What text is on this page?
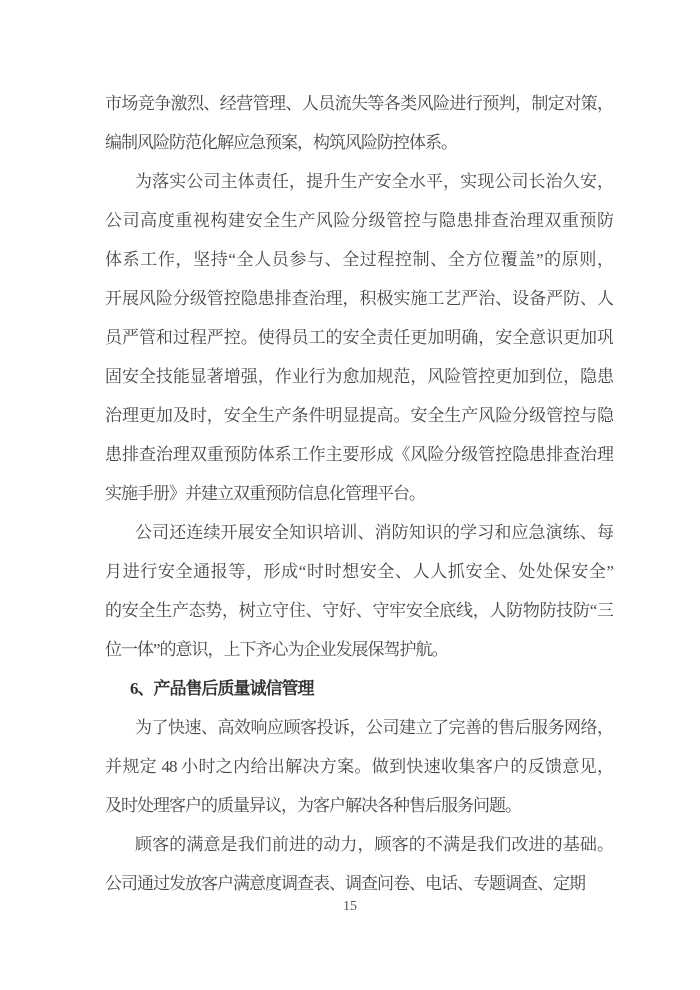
市场竞争激烈、经营管理、人员流失等各类风险进行预判，制定对策，
编制风险防范化解应急预案，构筑风险防控体系。
为落实公司主体责任，提升生产安全水平，实现公司长治久安，
公司高度重视构建安全生产风险分级管控与隐患排查治理双重预防
体系工作，坚持“全人员参与、全过程控制、全方位覆盖”的原则，
开展风险分级管控隐患排查治理，积极实施工艺严治、设备严防、人
员严管和过程严控。使得员工的安全责任更加明确，安全意识更加巩
固安全技能显著增强，作业行为愈加规范，风险管控更加到位，隐患
治理更加及时，安全生产条件明显提高。安全生产风险分级管控与隐
患排查治理双重预防体系工作主要形成《风险分级管控隐患排查治理
实施手册》并建立双重预防信息化管理平台。
公司还连续开展安全知识培训、消防知识的学习和应急演练、每
月进行安全通报等，形成“时时想安全、人人抓安全、处处保安全”
的安全生产态势，树立守住、守好、守牢安全底线，人防物防技防“三
位一体”的意识，上下齐心为企业发展保驾护航。
6、产品售后质量诚信管理
为了快速、高效响应顾客投诉，公司建立了完善的售后服务网络，
并规定 48 小时之内给出解决方案。做到快速收集客户的反馈意见，
及时处理客户的质量异议，为客户解决各种售后服务问题。
顾客的满意是我们前进的动力，顾客的不满是我们改进的基础。
公司通过发放客户满意度调查表、调查问卷、电话、专题调查、定期
15
